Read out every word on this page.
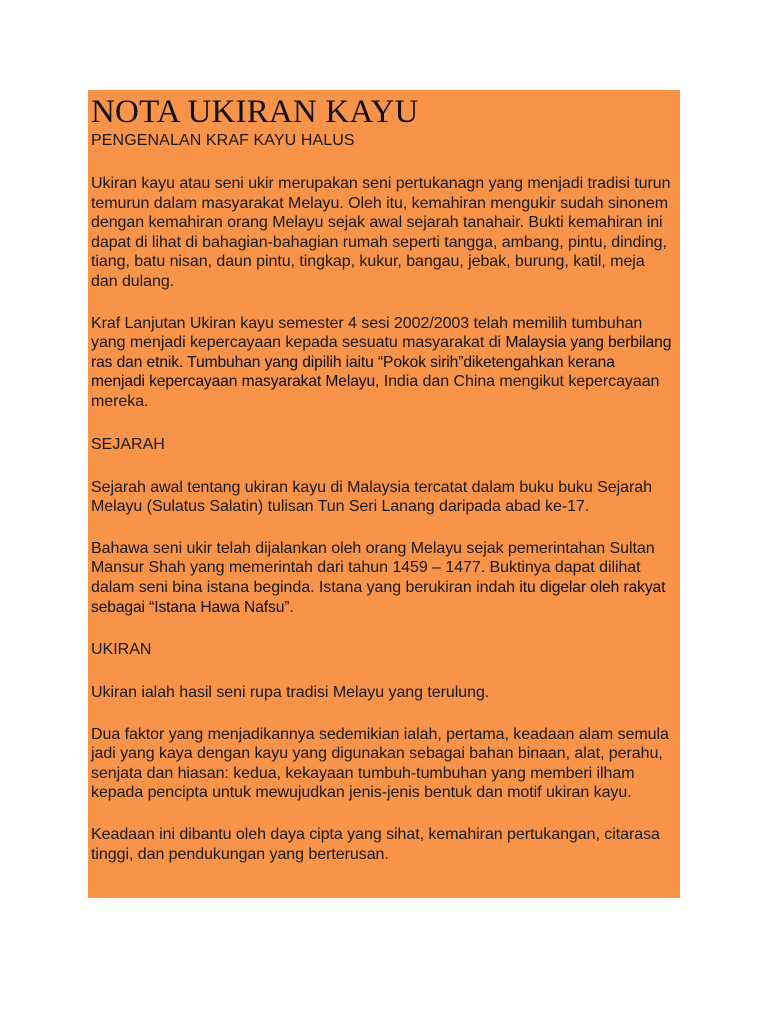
NOTA UKIRAN KAYU
PENGENALAN KRAF KAYU HALUS

Ukiran kayu atau seni ukir merupakan seni pertukanagn yang menjadi tradisi turun temurun dalam masyarakat Melayu. Oleh itu, kemahiran mengukir sudah sinonem dengan kemahiran orang Melayu sejak awal sejarah tanahair. Bukti kemahiran ini dapat di lihat di bahagian-bahagian rumah seperti tangga, ambang, pintu, dinding, tiang, batu nisan, daun pintu, tingkap, kukur, bangau, jebak, burung, katil, meja dan dulang.

Kraf Lanjutan Ukiran kayu semester 4 sesi 2002/2003 telah memilih tumbuhan yang menjadi kepercayaan kepada sesuatu masyarakat di Malaysia yang berbilang ras dan etnik. Tumbuhan yang dipilih iaitu “Pokok sirih”diketengahkan kerana menjadi kepercayaan masyarakat Melayu, India dan China mengikut kepercayaan mereka.

SEJARAH

Sejarah awal tentang ukiran kayu di Malaysia tercatat dalam buku buku Sejarah Melayu (Sulatus Salatin) tulisan Tun Seri Lanang daripada abad ke-17.

Bahawa seni ukir telah dijalankan oleh orang Melayu sejak pemerintahan Sultan Mansur Shah yang memerintah dari tahun 1459 – 1477. Buktinya dapat dilihat dalam seni bina istana beginda. Istana yang berukiran indah itu digelar oleh rakyat sebagai “Istana Hawa Nafsu”.

UKIRAN

Ukiran ialah hasil seni rupa tradisi Melayu yang terulung.

Dua faktor yang menjadikannya sedemikian ialah, pertama, keadaan alam semula jadi yang kaya dengan kayu yang digunakan sebagai bahan binaan, alat, perahu, senjata dan hiasan: kedua, kekayaan tumbuh-tumbuhan yang memberi ilham kepada pencipta untuk mewujudkan jenis-jenis bentuk dan motif ukiran kayu.

Keadaan ini dibantu oleh daya cipta yang sihat, kemahiran pertukangan, citarasa tinggi, dan pendukungan yang berterusan.
